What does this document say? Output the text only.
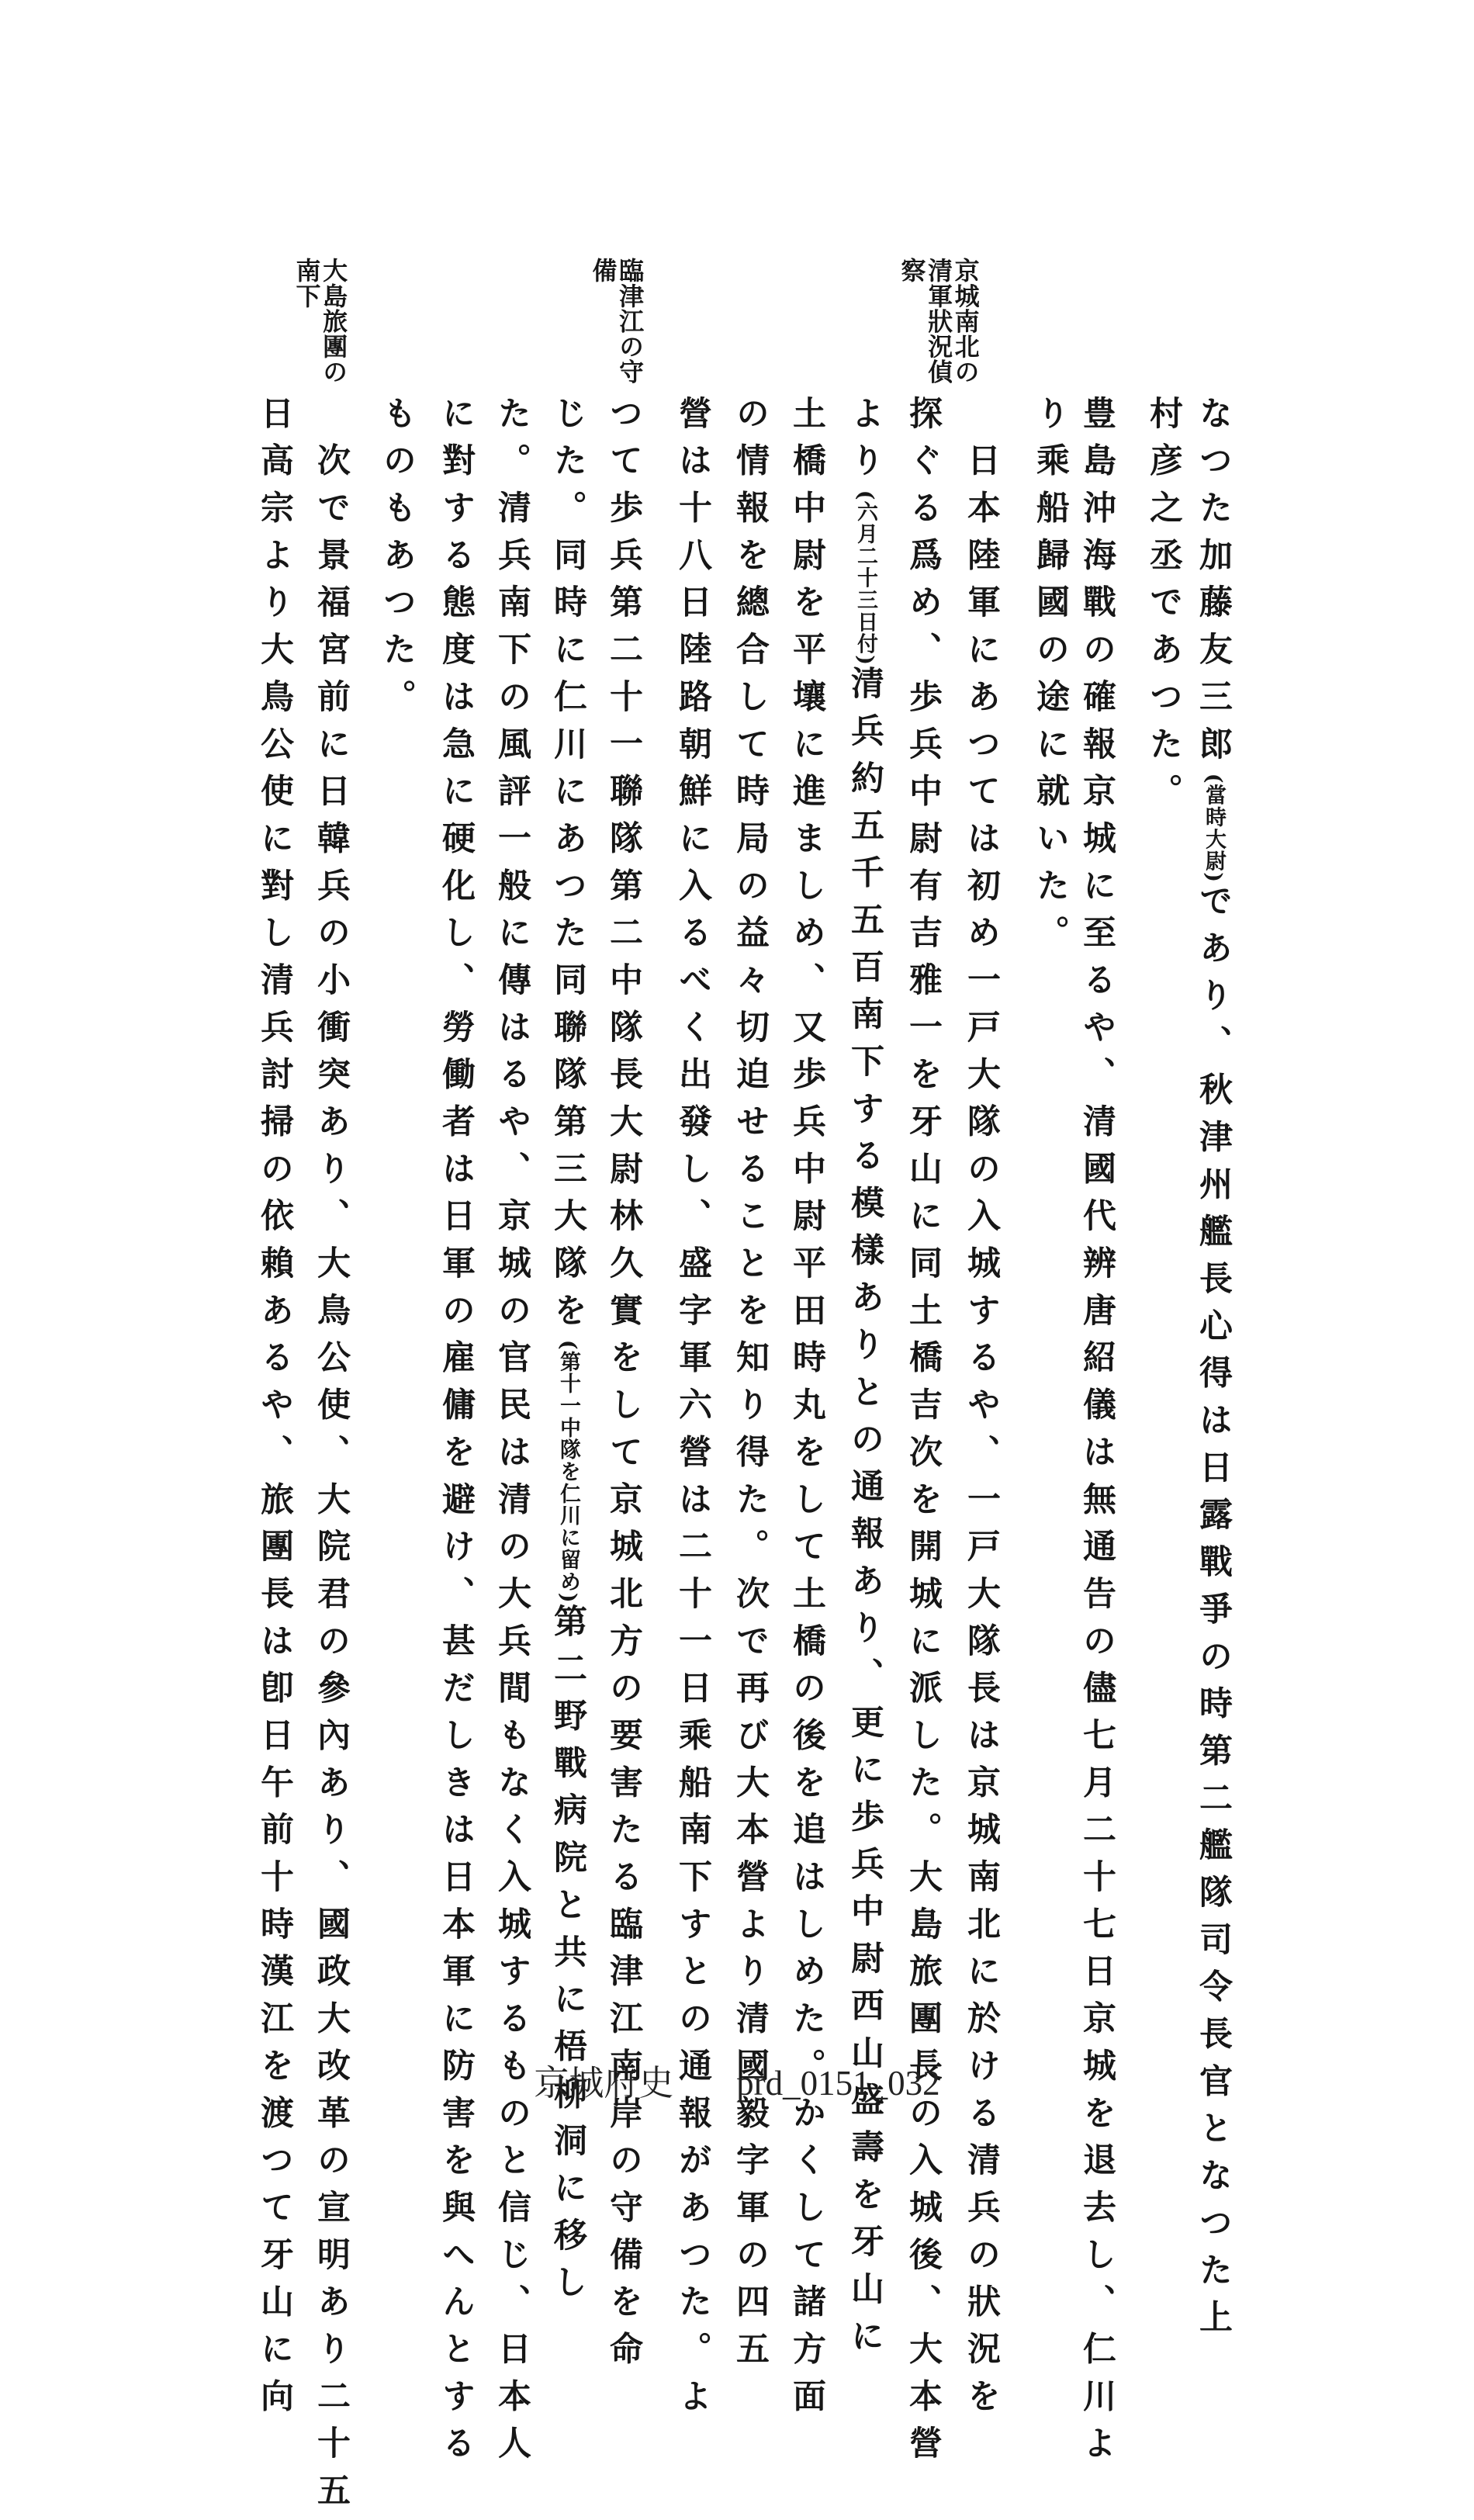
なつた加藤友三郎(當時大尉)であり、秋津州艦長心得は日露戰爭の時第二艦隊司令長官となつた上
村彦之丞であつた。
豊島沖海戰の確報京城に至るや、清國代辨唐紹儀は無通告の儘七月二十七日京城を退去し、仁川よ
り乘船歸國の途に就いた。
　日本陸軍にあつては初め一戸大隊の入城するや、一戸大隊長は京城南北に於ける清兵の狀況を
探ぐる爲め、歩兵中尉有吉雅一を牙山に同土橋吉次を開城に派した。大島旅團長の入城後、大本營
より(六月二十三日付)清兵約五千五百南下する模樣ありとの通報あり、更に歩兵中尉西山盛壽を牙山に
土橋中尉を平壤に進ましめ、又歩兵中尉平田時丸をして土橋の後を追はしめた。かくして諸方面
の情報を總合して時局の益々切迫せることを知り得た。次で再び大本營より清國毅字軍の四五
營は十八日陸路朝鮮に入るべく出發し、盛字軍六營は二十一日乘船南下すとの通報があつた。よ
つて歩兵第二十一聯隊第二中隊長大尉林久實をして京城北方の要害たる臨津江南岸の守備を命
じた。同時に仁川にあつた同聯隊第三大隊を(第十一中隊を仁川に留め)第二野戰病院と共に梧柳洞に移し
た。清兵南下の風評一般に傳はるや、京城の官民は清の大兵間もなく入城するものと信じ、日本人
に對する態度は急に硬化し、勞働者は日軍の雇傭を避け、甚だしきは日本軍に防害を與へんとする
ものもあつた。
　次で景福宮前に日韓兵の小衝突あり、大鳥公使、大院君の參內あり、國政大改革の宣明あり二十五
日高宗より大鳥公使に對し清兵討掃の依賴あるや、旅團長は卽日午前十時漢江を渡つて牙山に向
京城南北の
清軍狀況偵
察
臨津江の守
備
大島旅團の
南下
京城府史 prd_0151_032
